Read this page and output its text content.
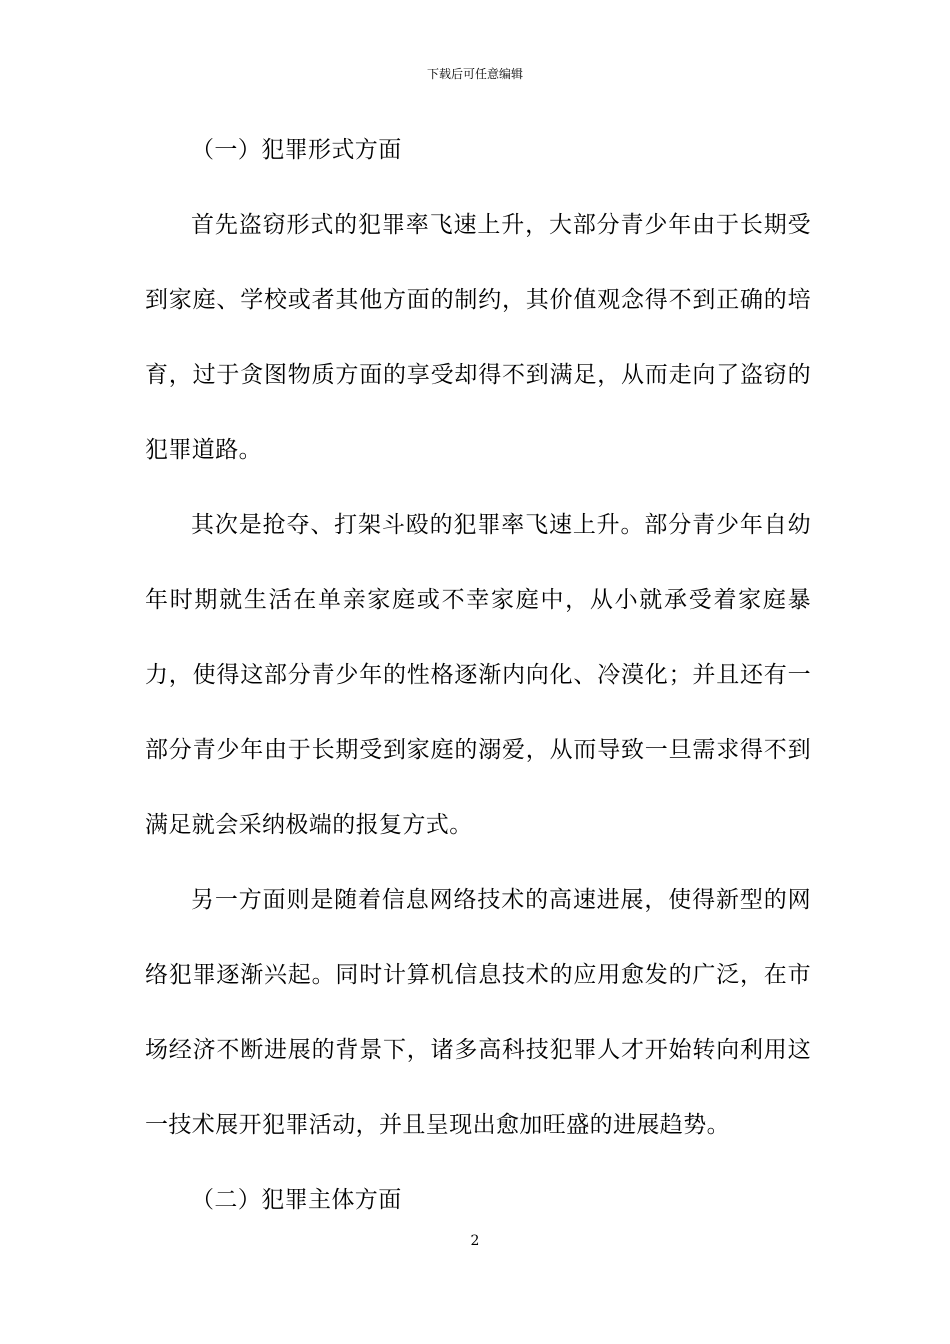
下载后可任意编辑

（一）犯罪形式方面

首先盗窃形式的犯罪率飞速上升，大部分青少年由于长期受到家庭、学校或者其他方面的制约，其价值观念得不到正确的培育，过于贪图物质方面的享受却得不到满足，从而走向了盗窃的犯罪道路。

其次是抢夺、打架斗殴的犯罪率飞速上升。部分青少年自幼年时期就生活在单亲家庭或不幸家庭中，从小就承受着家庭暴力，使得这部分青少年的性格逐渐内向化、冷漠化；并且还有一部分青少年由于长期受到家庭的溺爱，从而导致一旦需求得不到满足就会采纳极端的报复方式。

另一方面则是随着信息网络技术的高速进展，使得新型的网络犯罪逐渐兴起。同时计算机信息技术的应用愈发的广泛，在市场经济不断进展的背景下，诸多高科技犯罪人才开始转向利用这一技术展开犯罪活动，并且呈现出愈加旺盛的进展趋势。

（二）犯罪主体方面

2
